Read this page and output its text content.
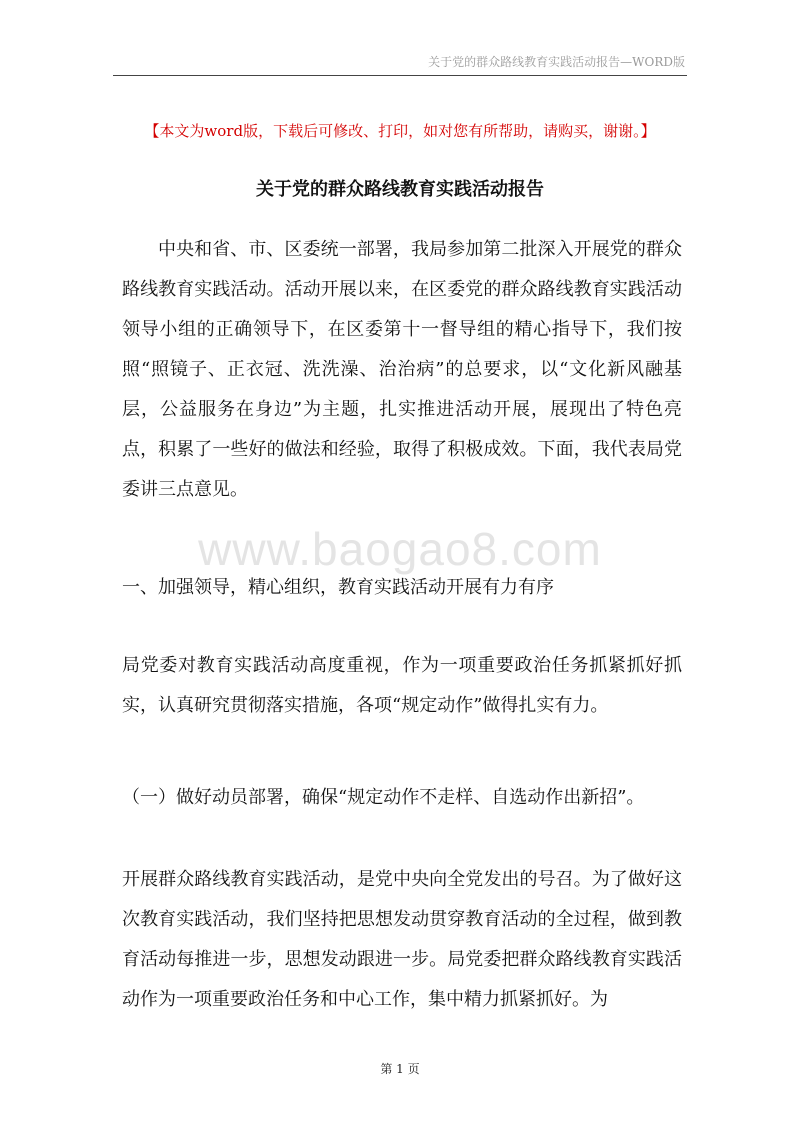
关于党的群众路线教育实践活动报告—WORD版
【本文为word版，下载后可修改、打印，如对您有所帮助，请购买，谢谢。】
关于党的群众路线教育实践活动报告

中央和省、市、区委统一部署，我局参加第二批深入开展党的群众路线教育实践活动。活动开展以来，在区委党的群众路线教育实践活动领导小组的正确领导下，在区委第十一督导组的精心指导下，我们按照“照镜子、正衣冠、洗洗澡、治治病”的总要求，以“文化新风融基层，公益服务在身边”为主题，扎实推进活动开展，展现出了特色亮点，积累了一些好的做法和经验，取得了积极成效。下面，我代表局党委讲三点意见。

www.baogao8.com

一、加强领导，精心组织，教育实践活动开展有力有序

局党委对教育实践活动高度重视，作为一项重要政治任务抓紧抓好抓实，认真研究贯彻落实措施，各项“规定动作”做得扎实有力。

（一）做好动员部署，确保“规定动作不走样、自选动作出新招”。

开展群众路线教育实践活动，是党中央向全党发出的号召。为了做好这次教育实践活动，我们坚持把思想发动贯穿教育活动的全过程，做到教育活动每推进一步，思想发动跟进一步。局党委把群众路线教育实践活动作为一项重要政治任务和中心工作，集中精力抓紧抓好。为

第 1 页
